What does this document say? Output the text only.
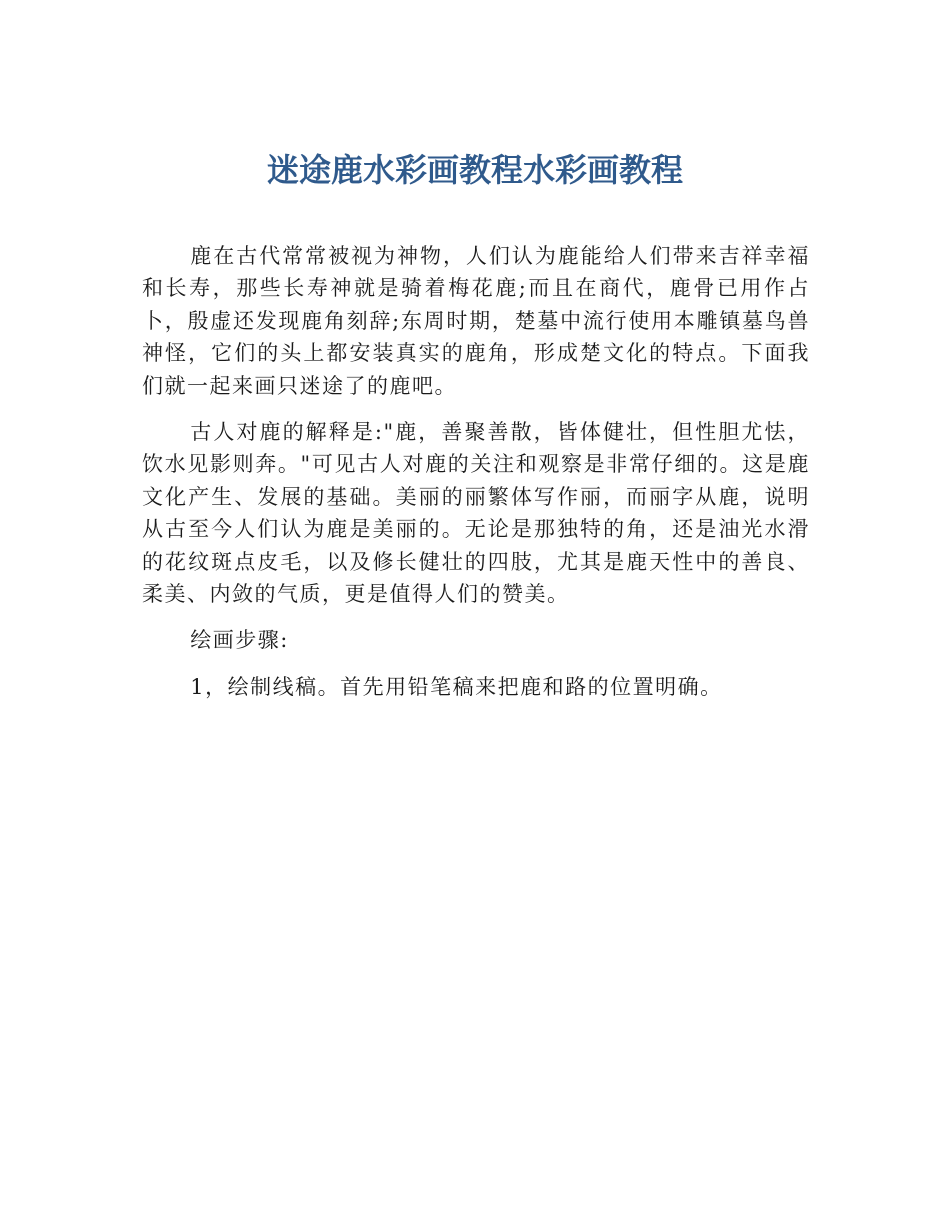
迷途鹿水彩画教程水彩画教程

鹿在古代常常被视为神物，人们认为鹿能给人们带来吉祥幸福和长寿，那些长寿神就是骑着梅花鹿;而且在商代，鹿骨已用作占卜，殷虚还发现鹿角刻辞;东周时期，楚墓中流行使用本雕镇墓鸟兽神怪，它们的头上都安装真实的鹿角，形成楚文化的特点。下面我们就一起来画只迷途了的鹿吧。

古人对鹿的解释是:"鹿，善聚善散，皆体健壮，但性胆尤怯，饮水见影则奔。"可见古人对鹿的关注和观察是非常仔细的。这是鹿文化产生、发展的基础。美丽的丽繁体写作丽，而丽字从鹿，说明从古至今人们认为鹿是美丽的。无论是那独特的角，还是油光水滑的花纹斑点皮毛，以及修长健壮的四肢，尤其是鹿天性中的善良、柔美、内敛的气质，更是值得人们的赞美。

绘画步骤:

1，绘制线稿。首先用铅笔稿来把鹿和路的位置明确。
